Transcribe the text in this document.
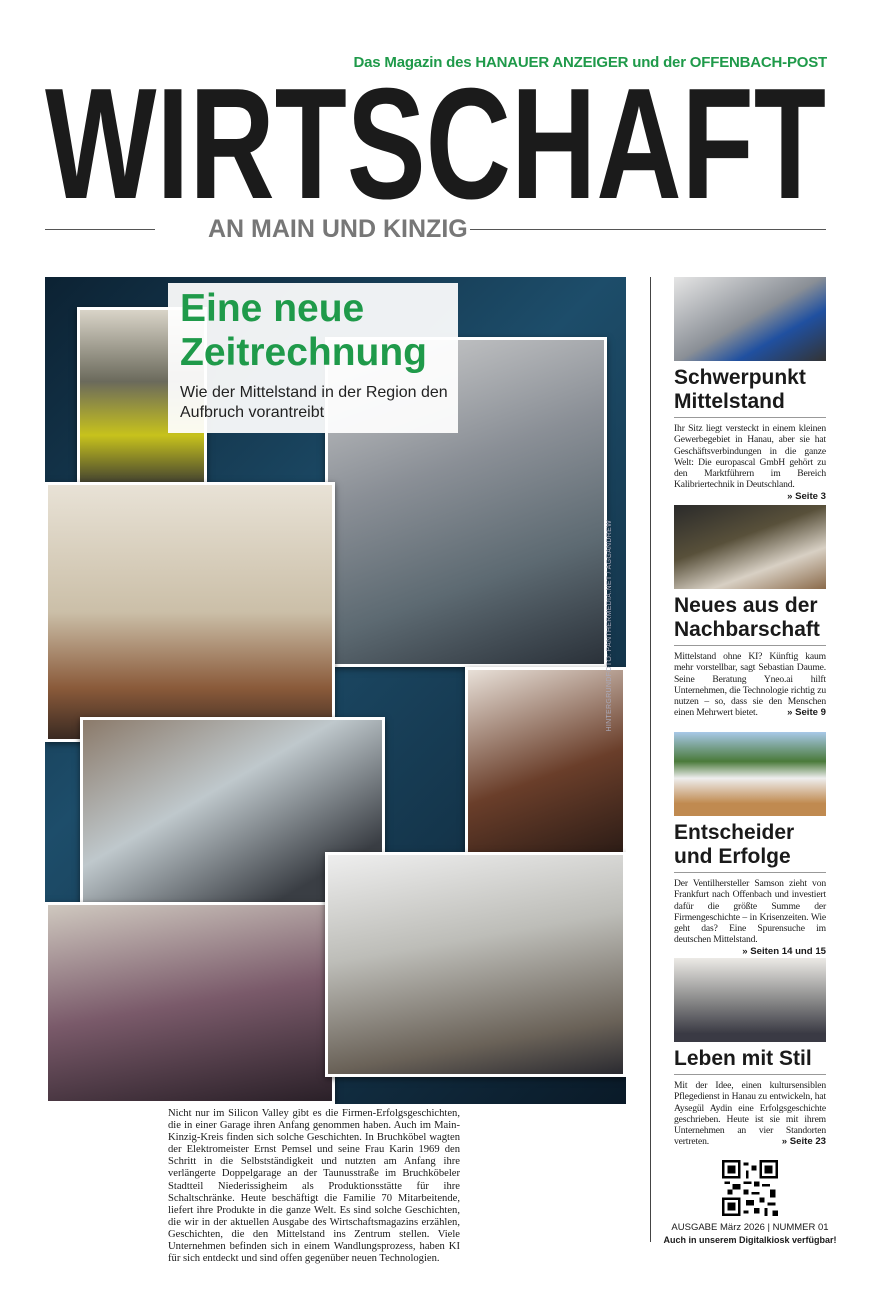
Das Magazin des HANAUER ANZEIGER und der OFFENBACH-POST
WIRTSCHAFT
AN MAIN UND KINZIG
Eine neue Zeitrechnung

Wie der Mittelstand in der Region den Aufbruch vorantreibt

HINTERGRUNDFOTO: PANTHERMEDIA.NET / AGGANDREW
Nicht nur im Silicon Valley gibt es die Firmen-Erfolgsgeschichten, die in einer Garage ihren Anfang genommen haben. Auch im Main-Kinzig-Kreis finden sich solche Geschichten. In Bruchköbel wagten der Elektromeister Ernst Pemsel und seine Frau Karin 1969 den Schritt in die Selbstständigkeit und nutzten am Anfang ihre verlängerte Doppelgarage an der Taunusstraße im Bruchköbeler Stadtteil Niederissigheim als Produktionsstätte für ihre Schaltschränke. Heute beschäftigt die Familie 70 Mitarbeitende, liefert ihre Produkte in die ganze Welt. Es sind solche Geschichten, die wir in der aktuellen Ausgabe des Wirtschaftsmagazins erzählen, Geschichten, die den Mittelstand ins Zentrum stellen. Viele Unternehmen befinden sich in einem Wandlungsprozess, haben KI für sich entdeckt und sind offen gegenüber neuen Technologien.
Schwerpunkt Mittelstand

Ihr Sitz liegt versteckt in einem kleinen Gewerbegebiet in Hanau, aber sie hat Geschäftsverbindungen in die ganze Welt: Die europascal GmbH gehört zu den Marktführern im Bereich Kalibriertechnik in Deutschland.
» Seite 3

Neues aus der Nachbarschaft

Mittelstand ohne KI? Künftig kaum mehr vorstellbar, sagt Sebastian Daume. Seine Beratung Yneo.ai hilft Unternehmen, die Technologie richtig zu nutzen – so, dass sie den Menschen einen Mehrwert bietet.	» Seite 9

Entscheider und Erfolge

Der Ventilhersteller Samson zieht von Frankfurt nach Offenbach und investiert dafür die größte Summe der Firmengeschichte – in Krisenzeiten. Wie geht das? Eine Spurensuche im deutschen Mittelstand.
» Seiten 14 und 15

Leben mit Stil

Mit der Idee, einen kultursensiblen Pflegedienst in Hanau zu entwickeln, hat Aysegül Aydin eine Erfolgsgeschichte geschrieben. Heute ist sie mit ihrem Unternehmen an vier Standorten vertreten.	» Seite 23

AUSGABE März 2026 | NUMMER 01
Auch in unserem Digitalkiosk verfügbar!
